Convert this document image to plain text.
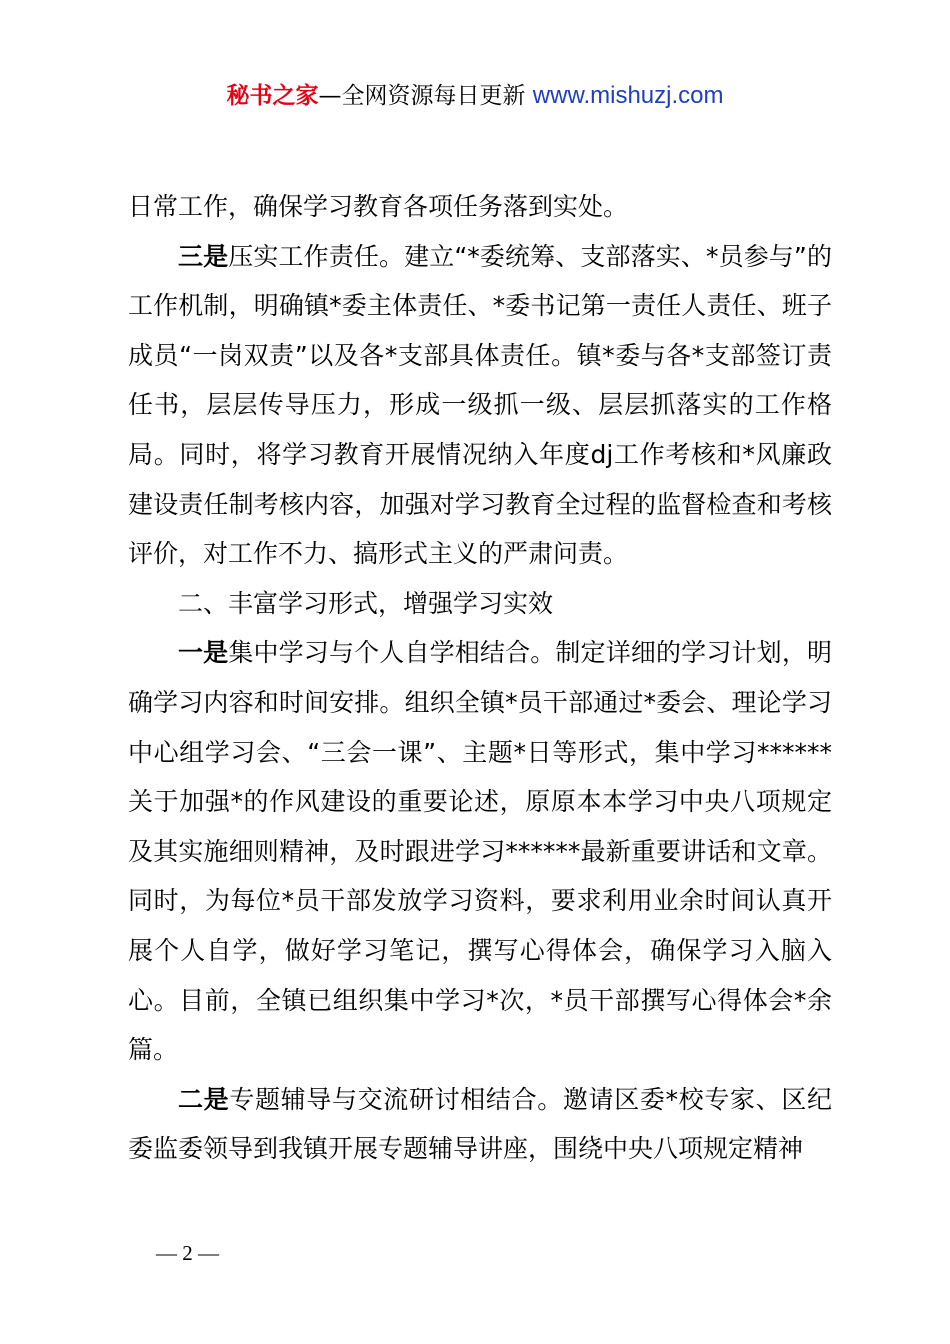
秘书之家—全网资源每日更新 www.mishuzj.com

日常工作，确保学习教育各项任务落到实处。

三是压实工作责任。建立“*委统筹、支部落实、*员参与”的工作机制，明确镇*委主体责任、*委书记第一责任人责任、班子成员“一岗双责”以及各*支部具体责任。镇*委与各*支部签订责任书，层层传导压力，形成一级抓一级、层层抓落实的工作格局。同时，将学习教育开展情况纳入年度dj工作考核和*风廉政建设责任制考核内容，加强对学习教育全过程的监督检查和考核评价，对工作不力、搞形式主义的严肃问责。

二、丰富学习形式，增强学习实效

一是集中学习与个人自学相结合。制定详细的学习计划，明确学习内容和时间安排。组织全镇*员干部通过*委会、理论学习中心组学习会、“三会一课”、主题*日等形式，集中学习******关于加强*的作风建设的重要论述，原原本本学习中央八项规定及其实施细则精神，及时跟进学习******最新重要讲话和文章。同时，为每位*员干部发放学习资料，要求利用业余时间认真开展个人自学，做好学习笔记，撰写心得体会，确保学习入脑入心。目前，全镇已组织集中学习*次，*员干部撰写心得体会*余篇。

二是专题辅导与交流研讨相结合。邀请区委*校专家、区纪委监委领导到我镇开展专题辅导讲座，围绕中央八项规定精神

— 2 —
